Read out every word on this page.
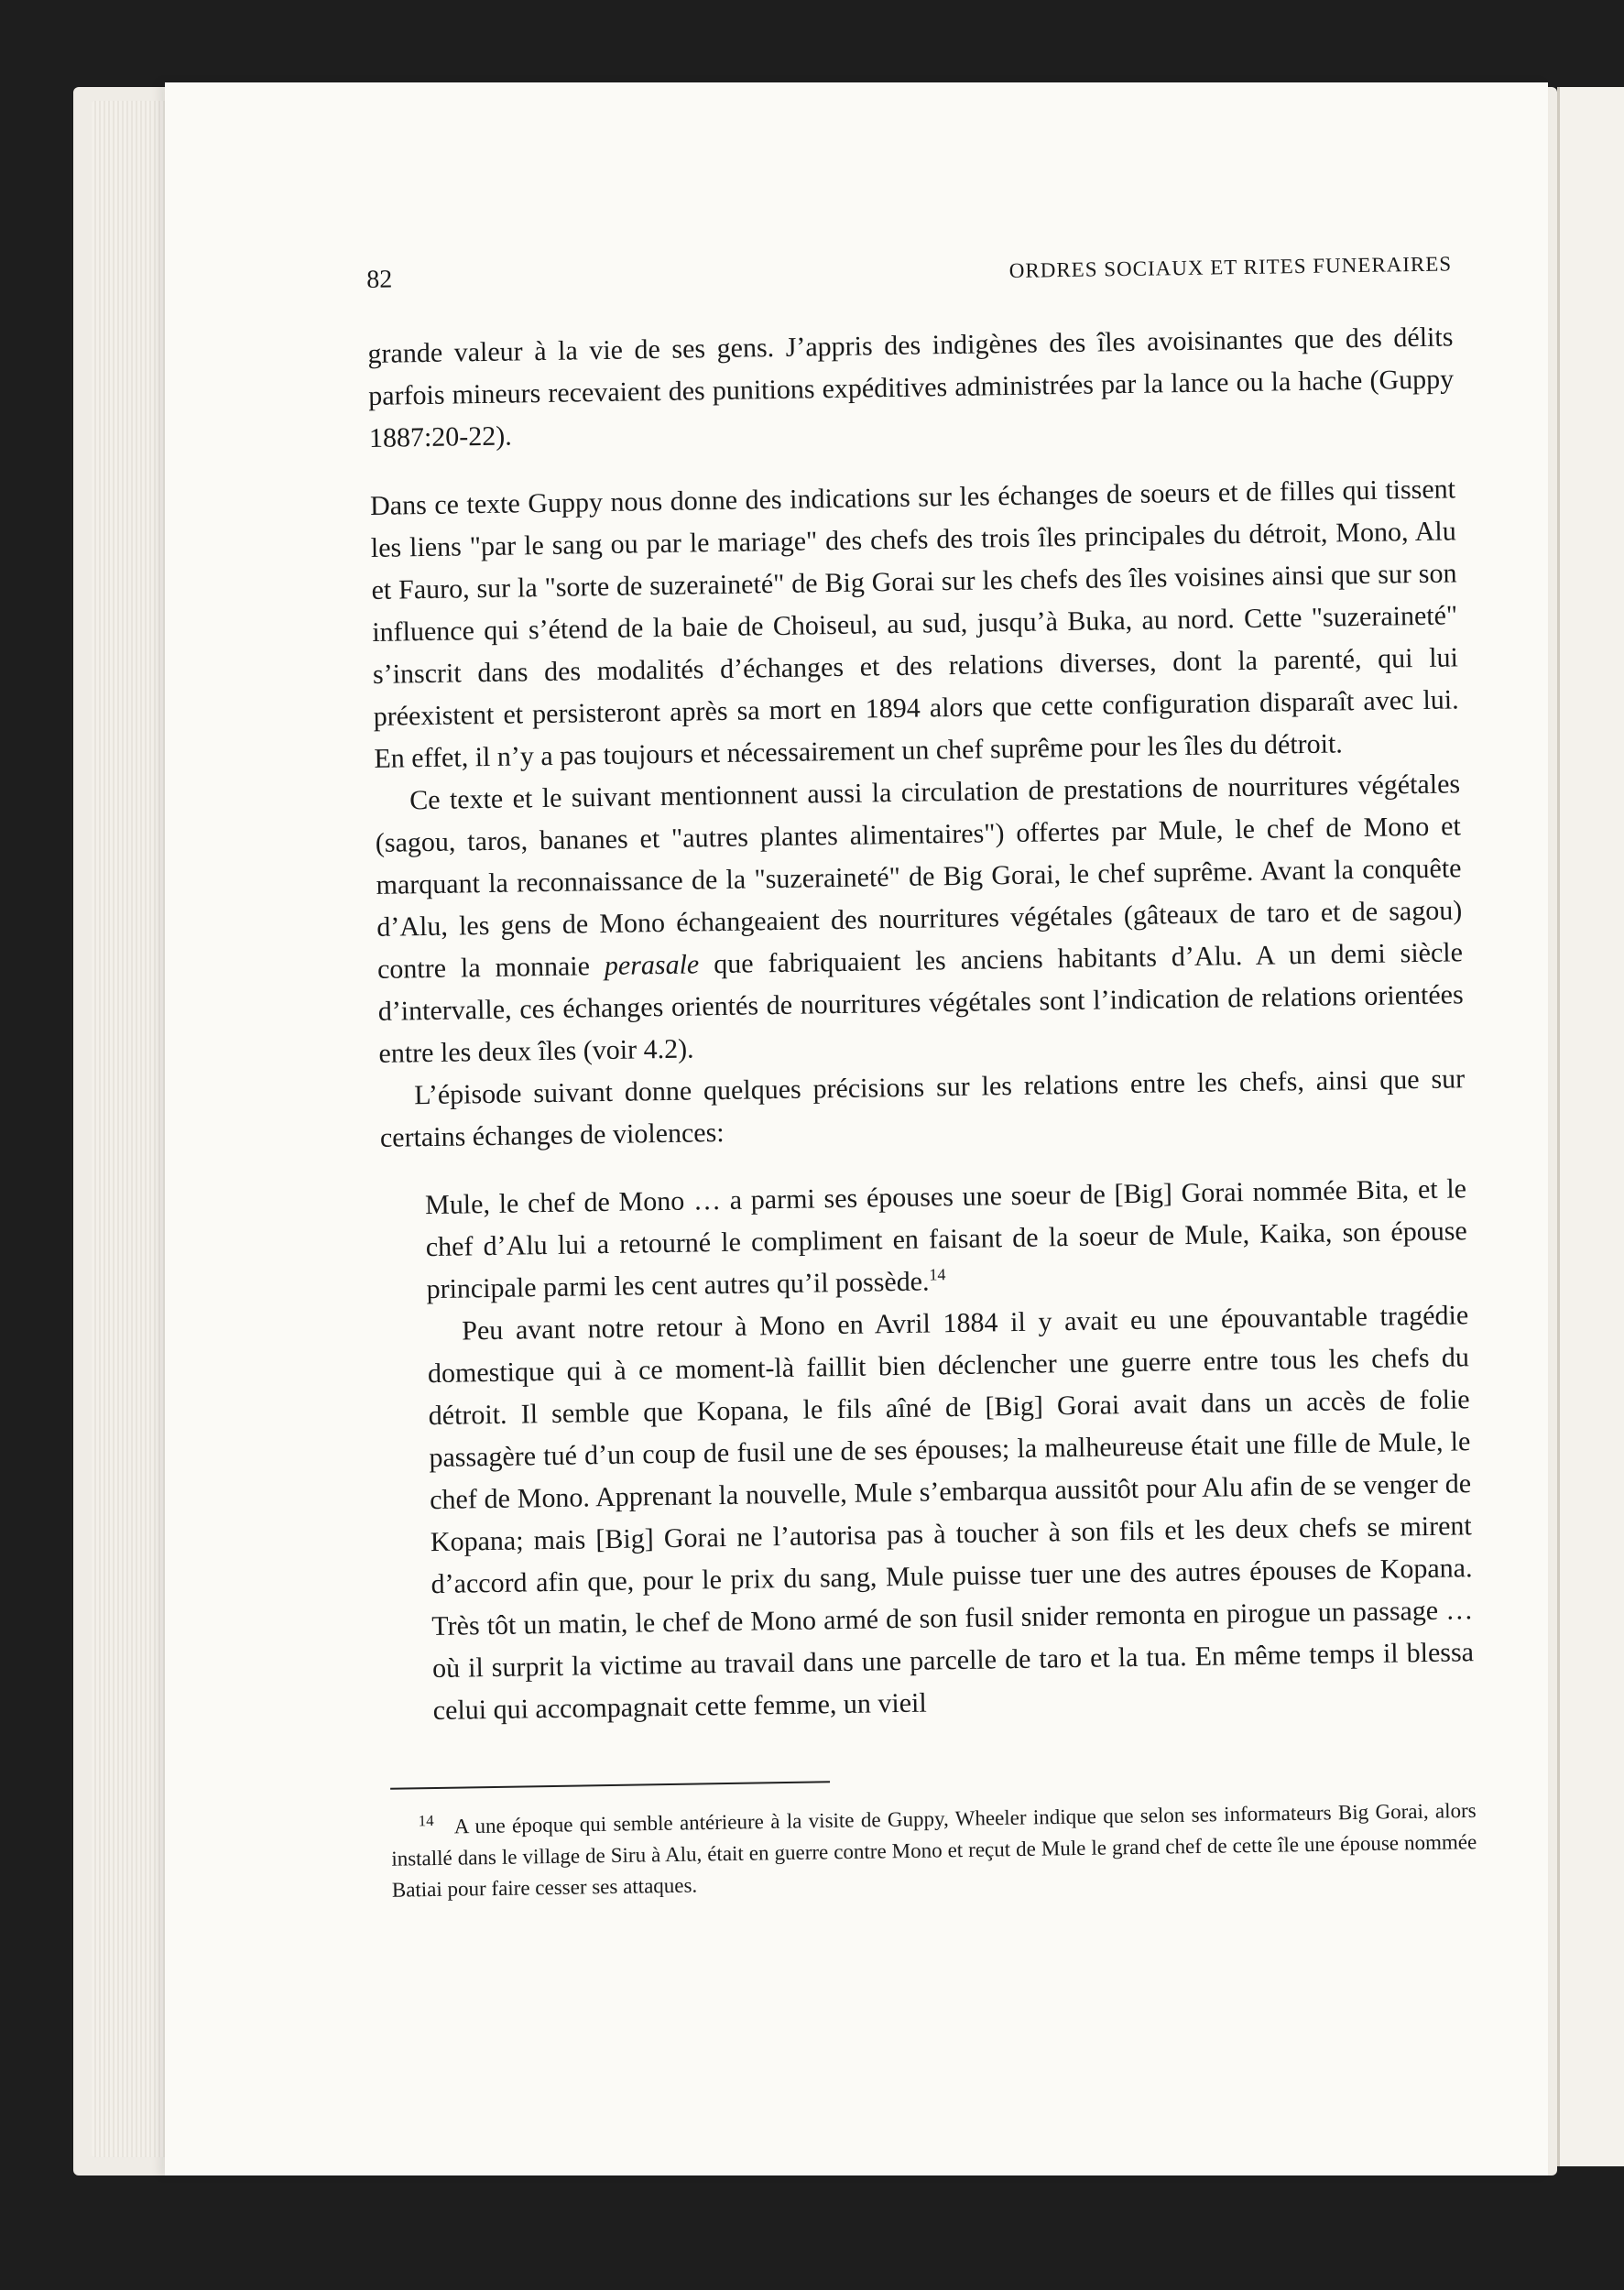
82	ORDRES SOCIAUX ET RITES FUNERAIRES

grande valeur à la vie de ses gens. J’appris des indigènes des îles avoisinantes que des délits parfois mineurs recevaient des punitions expéditives administrées par la lance ou la hache (Guppy 1887:20-22).

Dans ce texte Guppy nous donne des indications sur les échanges de soeurs et de filles qui tissent les liens "par le sang ou par le mariage" des chefs des trois îles principales du détroit, Mono, Alu et Fauro, sur la "sorte de suzeraineté" de Big Gorai sur les chefs des îles voisines ainsi que sur son influence qui s’étend de la baie de Choiseul, au sud, jusqu’à Buka, au nord. Cette "suzeraineté" s’inscrit dans des modalités d’échanges et des relations diverses, dont la parenté, qui lui préexistent et persisteront après sa mort en 1894 alors que cette configuration disparaît avec lui. En effet, il n’y a pas toujours et nécessairement un chef suprême pour les îles du détroit.

Ce texte et le suivant mentionnent aussi la circulation de prestations de nourritures végétales (sagou, taros, bananes et "autres plantes alimentaires") offertes par Mule, le chef de Mono et marquant la reconnaissance de la "suzeraineté" de Big Gorai, le chef suprême. Avant la conquête d’Alu, les gens de Mono échangeaient des nourritures végétales (gâteaux de taro et de sagou) contre la monnaie perasale que fabriquaient les anciens habitants d’Alu. A un demi siècle d’intervalle, ces échanges orientés de nourritures végétales sont l’indication de relations orientées entre les deux îles (voir 4.2).

L’épisode suivant donne quelques précisions sur les relations entre les chefs, ainsi que sur certains échanges de violences:

Mule, le chef de Mono … a parmi ses épouses une soeur de [Big] Gorai nommée Bita, et le chef d’Alu lui a retourné le compliment en faisant de la soeur de Mule, Kaika, son épouse principale parmi les cent autres qu’il possède.$^{14}$

Peu avant notre retour à Mono en Avril 1884 il y avait eu une épouvantable tragédie domestique qui à ce moment-là faillit bien déclencher une guerre entre tous les chefs du détroit. Il semble que Kopana, le fils aîné de [Big] Gorai avait dans un accès de folie passagère tué d’un coup de fusil une de ses épouses; la malheureuse était une fille de Mule, le chef de Mono. Apprenant la nouvelle, Mule s’embarqua aussitôt pour Alu afin de se venger de Kopana; mais [Big] Gorai ne l’autorisa pas à toucher à son fils et les deux chefs se mirent d’accord afin que, pour le prix du sang, Mule puisse tuer une des autres épouses de Kopana. Très tôt un matin, le chef de Mono armé de son fusil snider remonta en pirogue un passage … où il surprit la victime au travail dans une parcelle de taro et la tua. En même temps il blessa celui qui accompagnait cette femme, un vieil

$^{14}$ A une époque qui semble antérieure à la visite de Guppy, Wheeler indique que selon ses informateurs Big Gorai, alors installé dans le village de Siru à Alu, était en guerre contre Mono et reçut de Mule le grand chef de cette île une épouse nommée Batiai pour faire cesser ses attaques.
